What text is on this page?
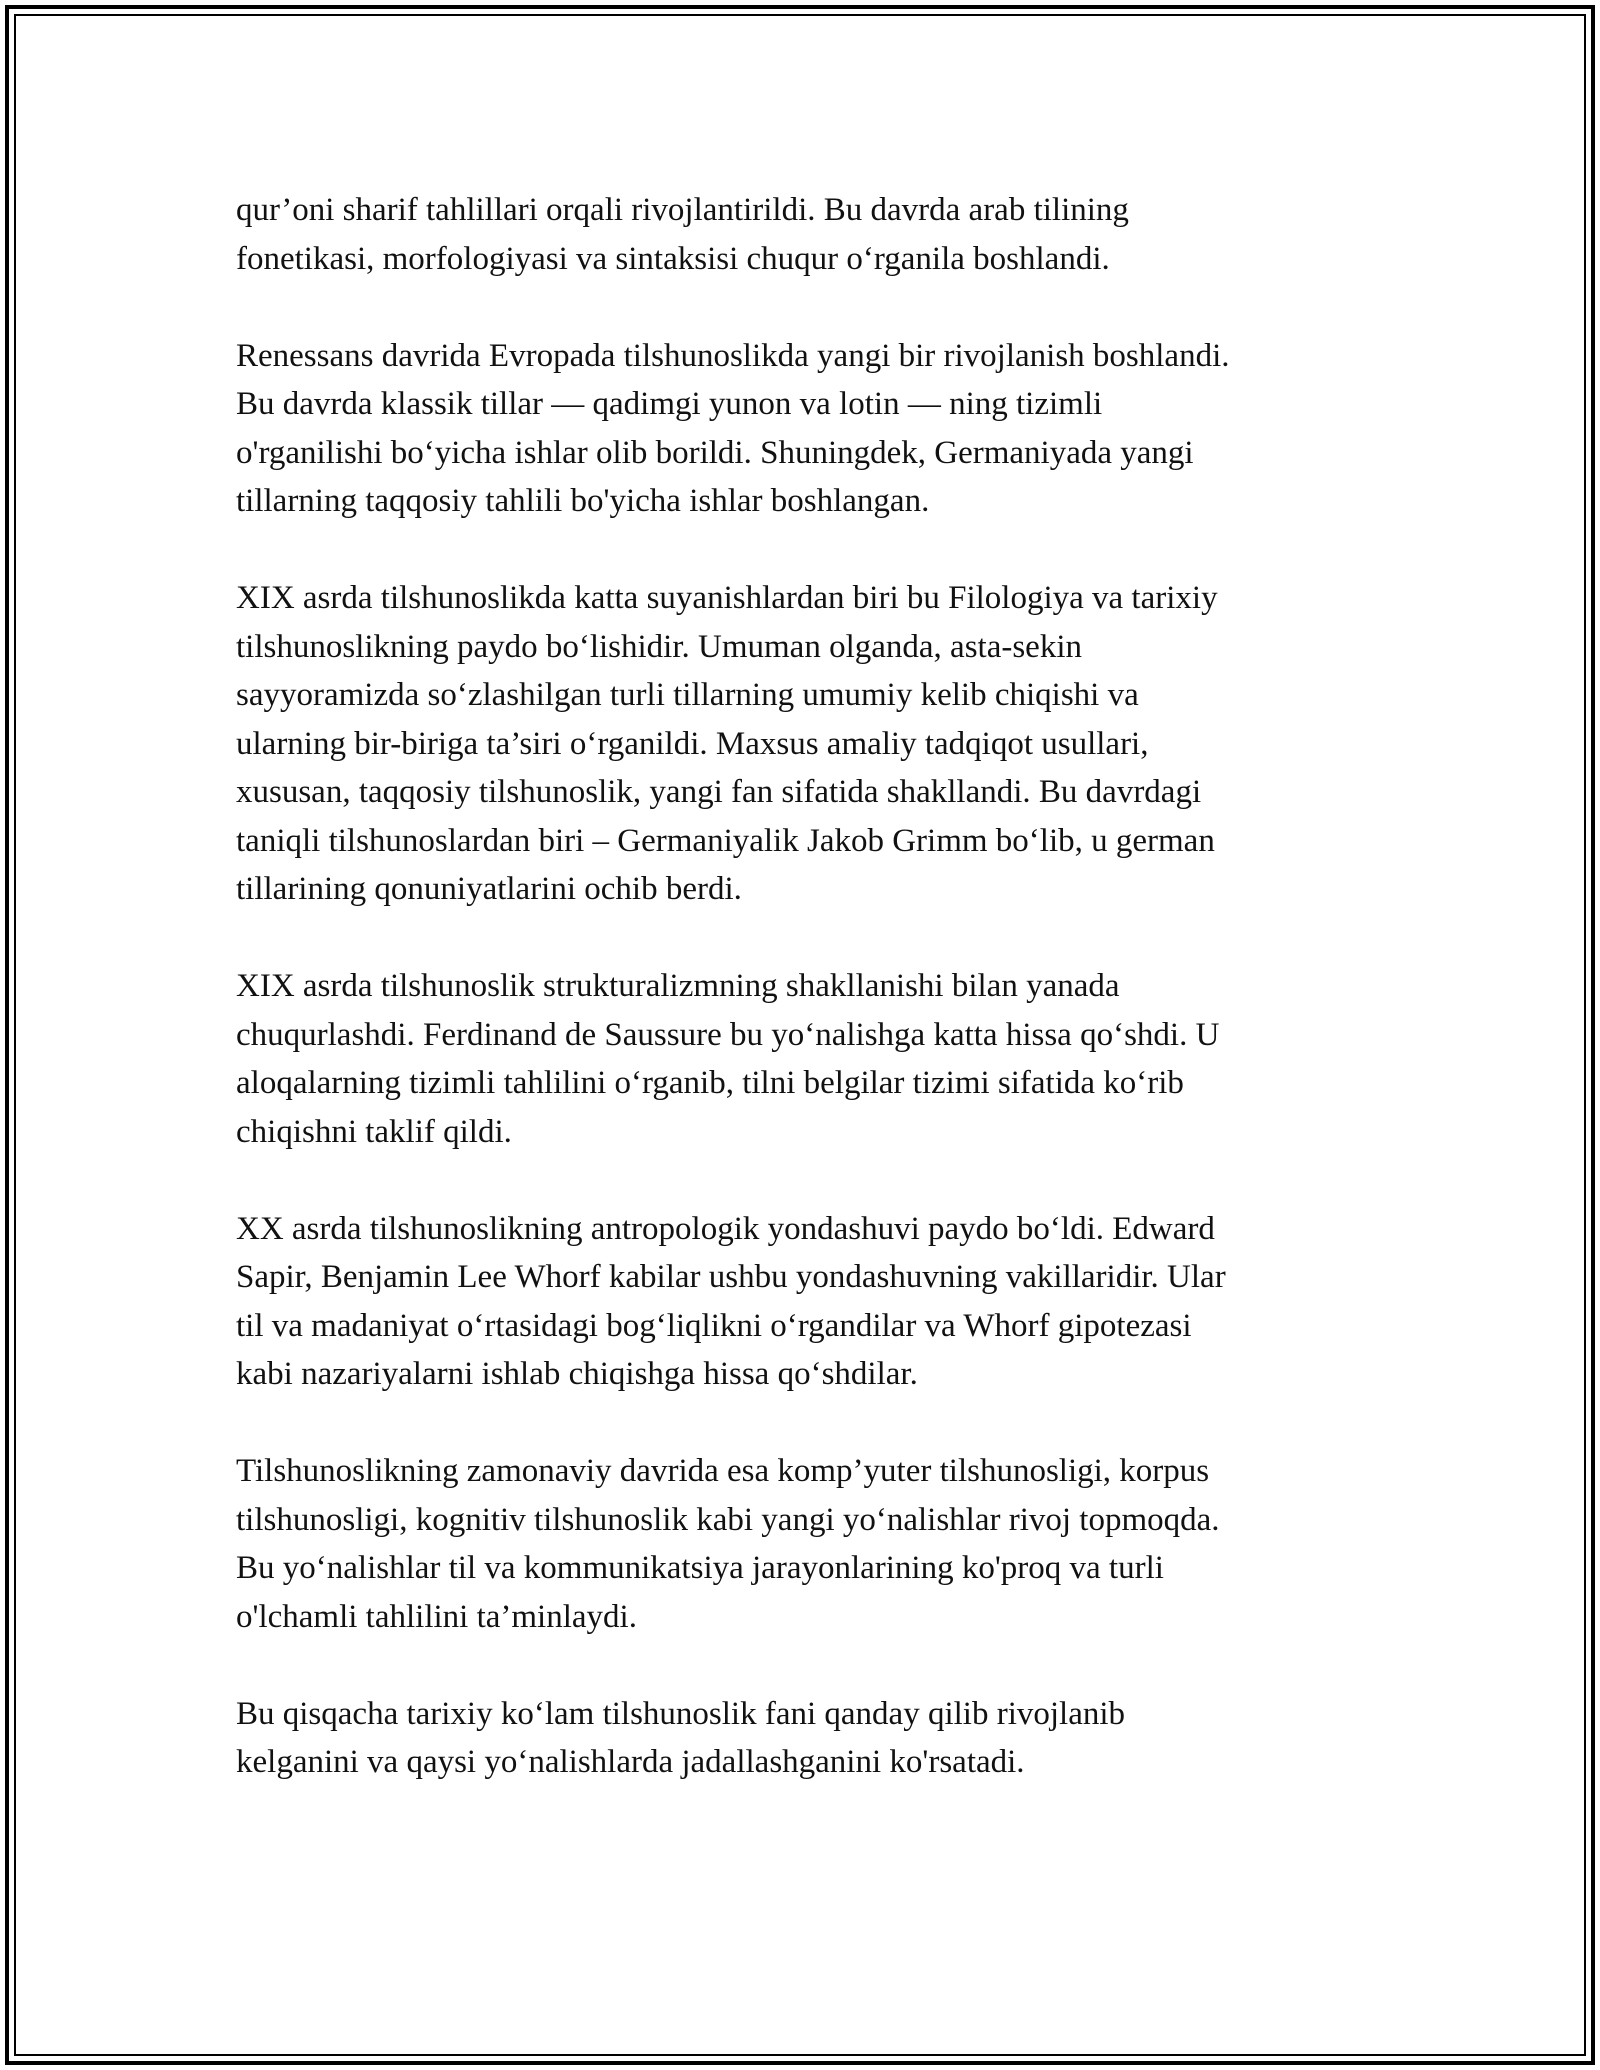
qur’oni sharif tahlillari orqali rivojlantirildi. Bu davrda arab tilining
fonetikasi, morfologiyasi va sintaksisi chuqur o‘rganila boshlandi.

Renessans davrida Evropada tilshunoslikda yangi bir rivojlanish boshlandi.
Bu davrda klassik tillar — qadimgi yunon va lotin — ning tizimli
o'rganilishi bo‘yicha ishlar olib borildi. Shuningdek, Germaniyada yangi
tillarning taqqosiy tahlili bo'yicha ishlar boshlangan.

XIX asrda tilshunoslikda katta suyanishlardan biri bu Filologiya va tarixiy
tilshunoslikning paydo bo‘lishidir. Umuman olganda, asta-sekin
sayyoramizda so‘zlashilgan turli tillarning umumiy kelib chiqishi va
ularning bir-biriga ta’siri o‘rganildi. Maxsus amaliy tadqiqot usullari,
xususan, taqqosiy tilshunoslik, yangi fan sifatida shakllandi. Bu davrdagi
taniqli tilshunoslardan biri – Germaniyalik Jakob Grimm bo‘lib, u german
tillarining qonuniyatlarini ochib berdi.

XIX asrda tilshunoslik strukturalizmning shakllanishi bilan yanada
chuqurlashdi. Ferdinand de Saussure bu yo‘nalishga katta hissa qo‘shdi. U
aloqalarning tizimli tahlilini o‘rganib, tilni belgilar tizimi sifatida ko‘rib
chiqishni taklif qildi.

XX asrda tilshunoslikning antropologik yondashuvi paydo bo‘ldi. Edward
Sapir, Benjamin Lee Whorf kabilar ushbu yondashuvning vakillaridir. Ular
til va madaniyat o‘rtasidagi bog‘liqlikni o‘rgandilar va Whorf gipotezasi
kabi nazariyalarni ishlab chiqishga hissa qo‘shdilar.

Tilshunoslikning zamonaviy davrida esa komp’yuter tilshunosligi, korpus
tilshunosligi, kognitiv tilshunoslik kabi yangi yo‘nalishlar rivoj topmoqda.
Bu yo‘nalishlar til va kommunikatsiya jarayonlarining ko'proq va turli
o'lchamli tahlilini ta’minlaydi.

Bu qisqacha tarixiy ko‘lam tilshunoslik fani qanday qilib rivojlanib
kelganini va qaysi yo‘nalishlarda jadallashganini ko'rsatadi.
